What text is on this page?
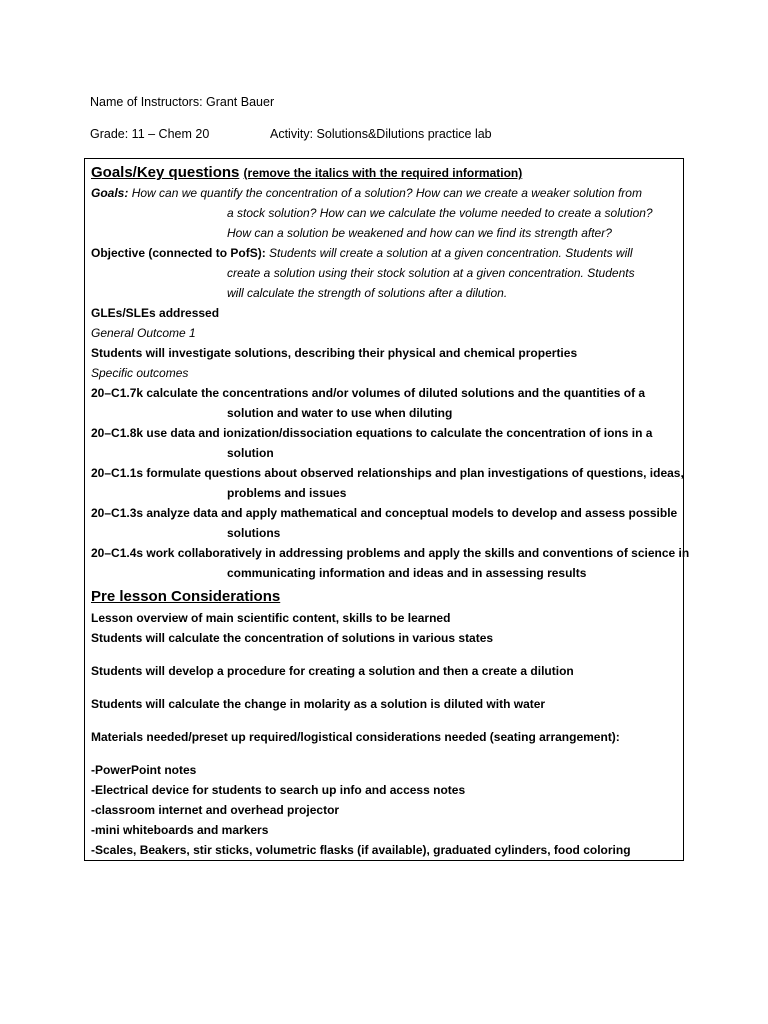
Name of Instructors: Grant Bauer
Grade: 11 – Chem 20	Activity: Solutions&Dilutions practice lab
Goals/Key questions (remove the italics with the required information)
Goals: How can we quantify the concentration of a solution? How can we create a weaker solution from
a stock solution? How can we calculate the volume needed to create a solution?
How can a solution be weakened and how can we find its strength after?
Objective (connected to PofS): Students will create a solution at a given concentration. Students will
create a solution using their stock solution at a given concentration. Students
will calculate the strength of solutions after a dilution.
GLEs/SLEs addressed
General Outcome 1
Students will investigate solutions, describing their physical and chemical properties
Specific outcomes
20–C1.7k calculate the concentrations and/or volumes of diluted solutions and the quantities of a
solution and water to use when diluting
20–C1.8k use data and ionization/dissociation equations to calculate the concentration of ions in a
solution
20–C1.1s formulate questions about observed relationships and plan investigations of questions, ideas,
problems and issues
20–C1.3s analyze data and apply mathematical and conceptual models to develop and assess possible
solutions
20–C1.4s work collaboratively in addressing problems and apply the skills and conventions of science in
communicating information and ideas and in assessing results
Pre lesson Considerations
Lesson overview of main scientific content, skills to be learned
Students will calculate the concentration of solutions in various states
Students will develop a procedure for creating a solution and then a create a dilution
Students will calculate the change in molarity as a solution is diluted with water
Materials needed/preset up required/logistical considerations needed (seating arrangement):
-PowerPoint notes
-Electrical device for students to search up info and access notes
-classroom internet and overhead projector
-mini whiteboards and markers
-Scales, Beakers, stir sticks, volumetric flasks (if available), graduated cylinders, food coloring
